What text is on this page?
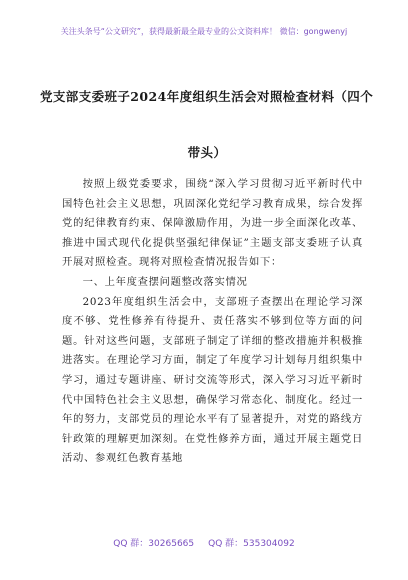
关注头条号“公文研究”，获得最新最全最专业的公文资料库！ 微信：gongwenyj
党支部支委班子2024年度组织生活会对照检查材料（四个
带头）

按照上级党委要求，围绕“深入学习贯彻习近平新时代中国特色社会主义思想，巩固深化党纪学习教育成果，综合发挥党的纪律教育约束、保障激励作用，为进一步全面深化改革、推进中国式现代化提供坚强纪律保证”主题支部支委班子认真开展对照检查。现将对照检查情况报告如下：

一、上年度查摆问题整改落实情况

2023年度组织生活会中，支部班子查摆出在理论学习深度不够、党性修养有待提升、责任落实不够到位等方面的问题。针对这些问题，支部班子制定了详细的整改措施并积极推进落实。在理论学习方面，制定了年度学习计划每月组织集中学习，通过专题讲座、研讨交流等形式，深入学习习近平新时代中国特色社会主义思想，确保学习常态化、制度化。经过一年的努力，支部党员的理论水平有了显著提升，对党的路线方针政策的理解更加深刻。在党性修养方面，通过开展主题党日活动、参观红色教育基地

QQ 群：30265665 QQ 群：535304092
